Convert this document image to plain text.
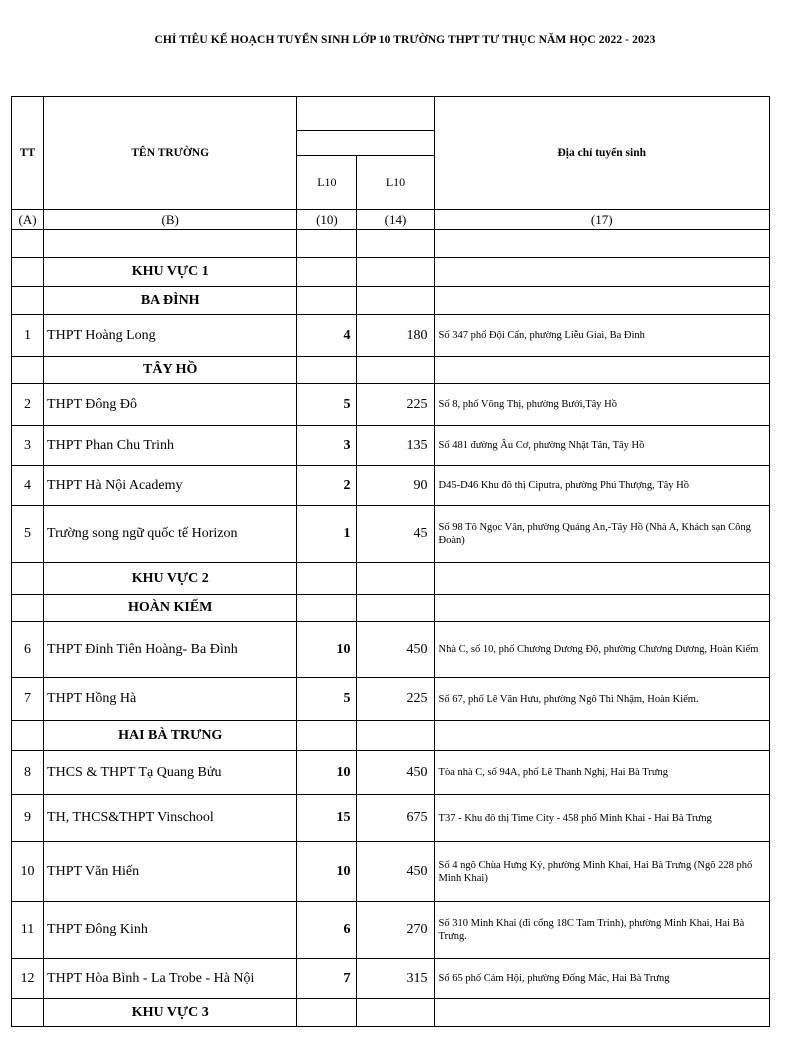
CHỈ TIÊU KẾ HOẠCH TUYỂN SINH LỚP 10 TRƯỜNG THPT TƯ THỤC NĂM HỌC 2022 - 2023
TT	TÊN TRƯỜNG			Địa chỉ tuyển sinh

		L10	L10	
(A)	(B)	(10)	(14)	(17)

	KHU VỰC 1			
	BA ĐÌNH			
1	THPT Hoàng Long	4	180	Số 347 phố Đội Cấn, phường Liễu Giai, Ba Đình
	TÂY HỒ			
2	THPT Đông Đô	5	225	Số 8, phố Võng Thị, phường Bưởi,Tây Hồ
3	THPT Phan Chu Trinh	3	135	Số 481 đường Âu Cơ, phường Nhật Tân, Tây Hồ
4	THPT Hà Nội Academy	2	90	D45-D46 Khu đô thị Ciputra, phường Phú Thượng, Tây Hồ
5	Trường song ngữ quốc tế Horizon	1	45	Số 98 Tô Ngọc Vân, phường Quảng An,-Tây Hồ (Nhà A, Khách sạn Công Đoàn)
	KHU VỰC 2			
	HOÀN KIẾM			
6	THPT Đinh Tiên Hoàng- Ba Đình	10	450	Nhà C, số 10, phố Chương Dương Độ, phường Chương Dương, Hoàn Kiếm
7	THPT Hồng Hà	5	225	Số 67, phố Lê Văn Hưu, phường Ngô Thì Nhậm, Hoàn Kiếm.
	HAI BÀ TRƯNG			
8	THCS & THPT Tạ Quang Bửu	10	450	Tòa nhà C, số 94A, phố Lê Thanh Nghị, Hai Bà Trưng
9	TH, THCS&THPT Vinschool	15	675	T37 - Khu đô thị Time City - 458 phố Minh Khai - Hai Bà Trưng
10	THPT Văn Hiến	10	450	Số 4 ngõ Chùa Hưng Ký, phường Minh Khai, Hai Bà Trưng (Ngõ 228 phố Minh Khai)
11	THPT Đông Kinh	6	270	Số 310 Minh Khai (đi cổng 18C Tam Trinh), phường Minh Khai, Hai Bà Trưng.
12	THPT Hòa Bình - La Trobe - Hà Nội	7	315	Số 65 phố Cảm Hội, phường Đống Mác, Hai Bà Trưng
	KHU VỰC 3			
